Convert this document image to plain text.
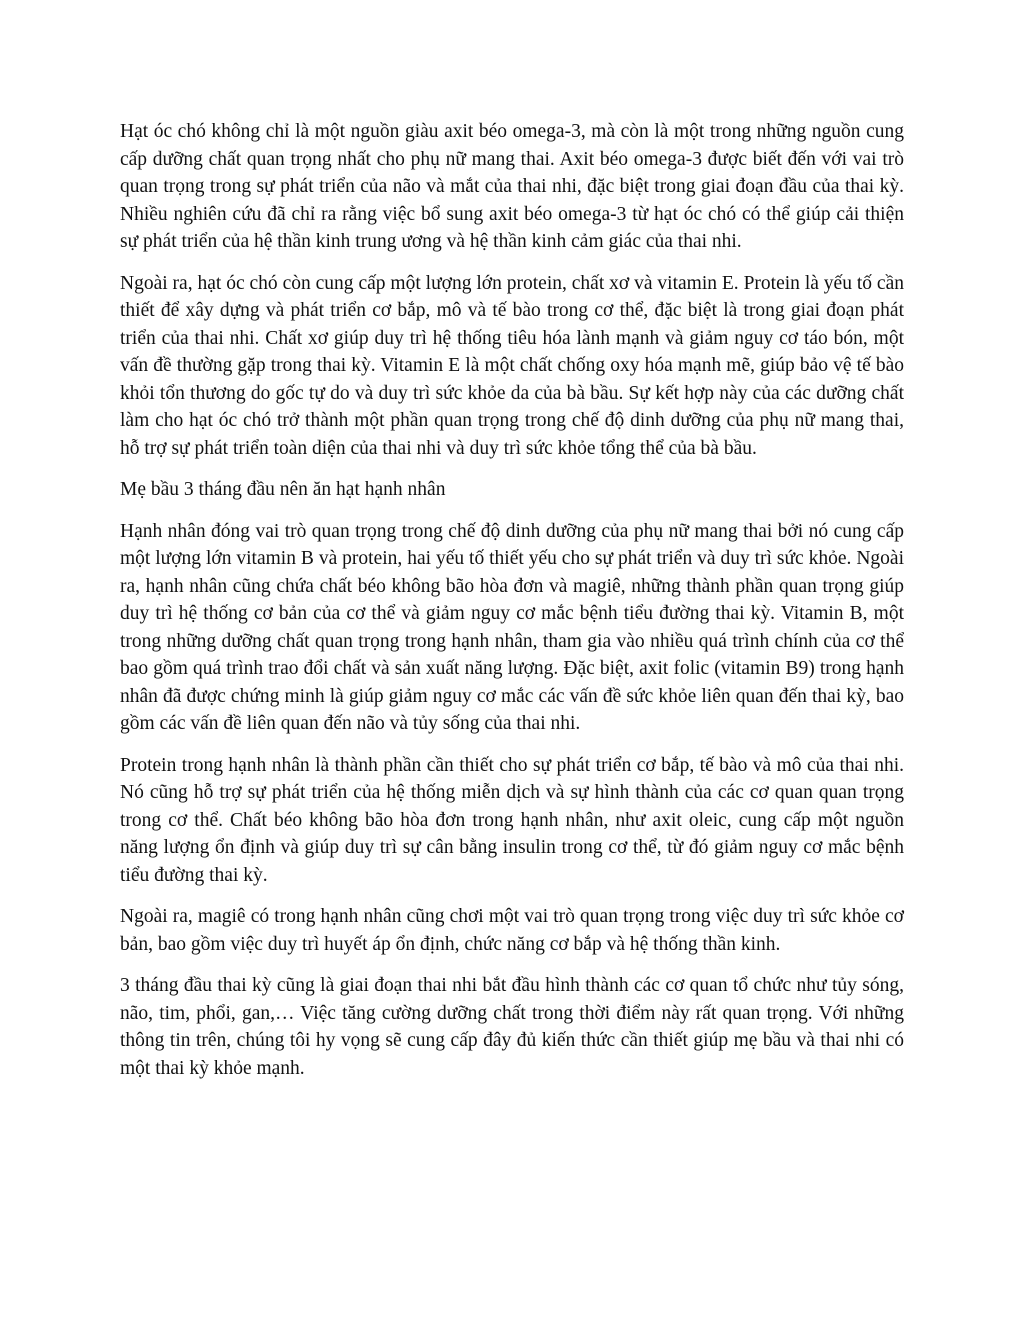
Hạt óc chó không chỉ là một nguồn giàu axit béo omega-3, mà còn là một trong những nguồn cung cấp dưỡng chất quan trọng nhất cho phụ nữ mang thai. Axit béo omega-3 được biết đến với vai trò quan trọng trong sự phát triển của não và mắt của thai nhi, đặc biệt trong giai đoạn đầu của thai kỳ. Nhiều nghiên cứu đã chỉ ra rằng việc bổ sung axit béo omega-3 từ hạt óc chó có thể giúp cải thiện sự phát triển của hệ thần kinh trung ương và hệ thần kinh cảm giác của thai nhi.

Ngoài ra, hạt óc chó còn cung cấp một lượng lớn protein, chất xơ và vitamin E. Protein là yếu tố cần thiết để xây dựng và phát triển cơ bắp, mô và tế bào trong cơ thể, đặc biệt là trong giai đoạn phát triển của thai nhi. Chất xơ giúp duy trì hệ thống tiêu hóa lành mạnh và giảm nguy cơ táo bón, một vấn đề thường gặp trong thai kỳ. Vitamin E là một chất chống oxy hóa mạnh mẽ, giúp bảo vệ tế bào khỏi tổn thương do gốc tự do và duy trì sức khỏe da của bà bầu. Sự kết hợp này của các dưỡng chất làm cho hạt óc chó trở thành một phần quan trọng trong chế độ dinh dưỡng của phụ nữ mang thai, hỗ trợ sự phát triển toàn diện của thai nhi và duy trì sức khỏe tổng thể của bà bầu.

Mẹ bầu 3 tháng đầu nên ăn hạt hạnh nhân

Hạnh nhân đóng vai trò quan trọng trong chế độ dinh dưỡng của phụ nữ mang thai bởi nó cung cấp một lượng lớn vitamin B và protein, hai yếu tố thiết yếu cho sự phát triển và duy trì sức khỏe. Ngoài ra, hạnh nhân cũng chứa chất béo không bão hòa đơn và magiê, những thành phần quan trọng giúp duy trì hệ thống cơ bản của cơ thể và giảm nguy cơ mắc bệnh tiểu đường thai kỳ. Vitamin B, một trong những dưỡng chất quan trọng trong hạnh nhân, tham gia vào nhiều quá trình chính của cơ thể bao gồm quá trình trao đổi chất và sản xuất năng lượng. Đặc biệt, axit folic (vitamin B9) trong hạnh nhân đã được chứng minh là giúp giảm nguy cơ mắc các vấn đề sức khỏe liên quan đến thai kỳ, bao gồm các vấn đề liên quan đến não và tủy sống của thai nhi.

Protein trong hạnh nhân là thành phần cần thiết cho sự phát triển cơ bắp, tế bào và mô của thai nhi. Nó cũng hỗ trợ sự phát triển của hệ thống miễn dịch và sự hình thành của các cơ quan quan trọng trong cơ thể. Chất béo không bão hòa đơn trong hạnh nhân, như axit oleic, cung cấp một nguồn năng lượng ổn định và giúp duy trì sự cân bằng insulin trong cơ thể, từ đó giảm nguy cơ mắc bệnh tiểu đường thai kỳ.

Ngoài ra, magiê có trong hạnh nhân cũng chơi một vai trò quan trọng trong việc duy trì sức khỏe cơ bản, bao gồm việc duy trì huyết áp ổn định, chức năng cơ bắp và hệ thống thần kinh.

3 tháng đầu thai kỳ cũng là giai đoạn thai nhi bắt đầu hình thành các cơ quan tổ chức như tủy sóng, não, tim, phổi, gan,… Việc tăng cường dưỡng chất trong thời điểm này rất quan trọng. Với những thông tin trên, chúng tôi hy vọng sẽ cung cấp đây đủ kiến thức cần thiết giúp mẹ bầu và thai nhi có một thai kỳ khỏe mạnh.
